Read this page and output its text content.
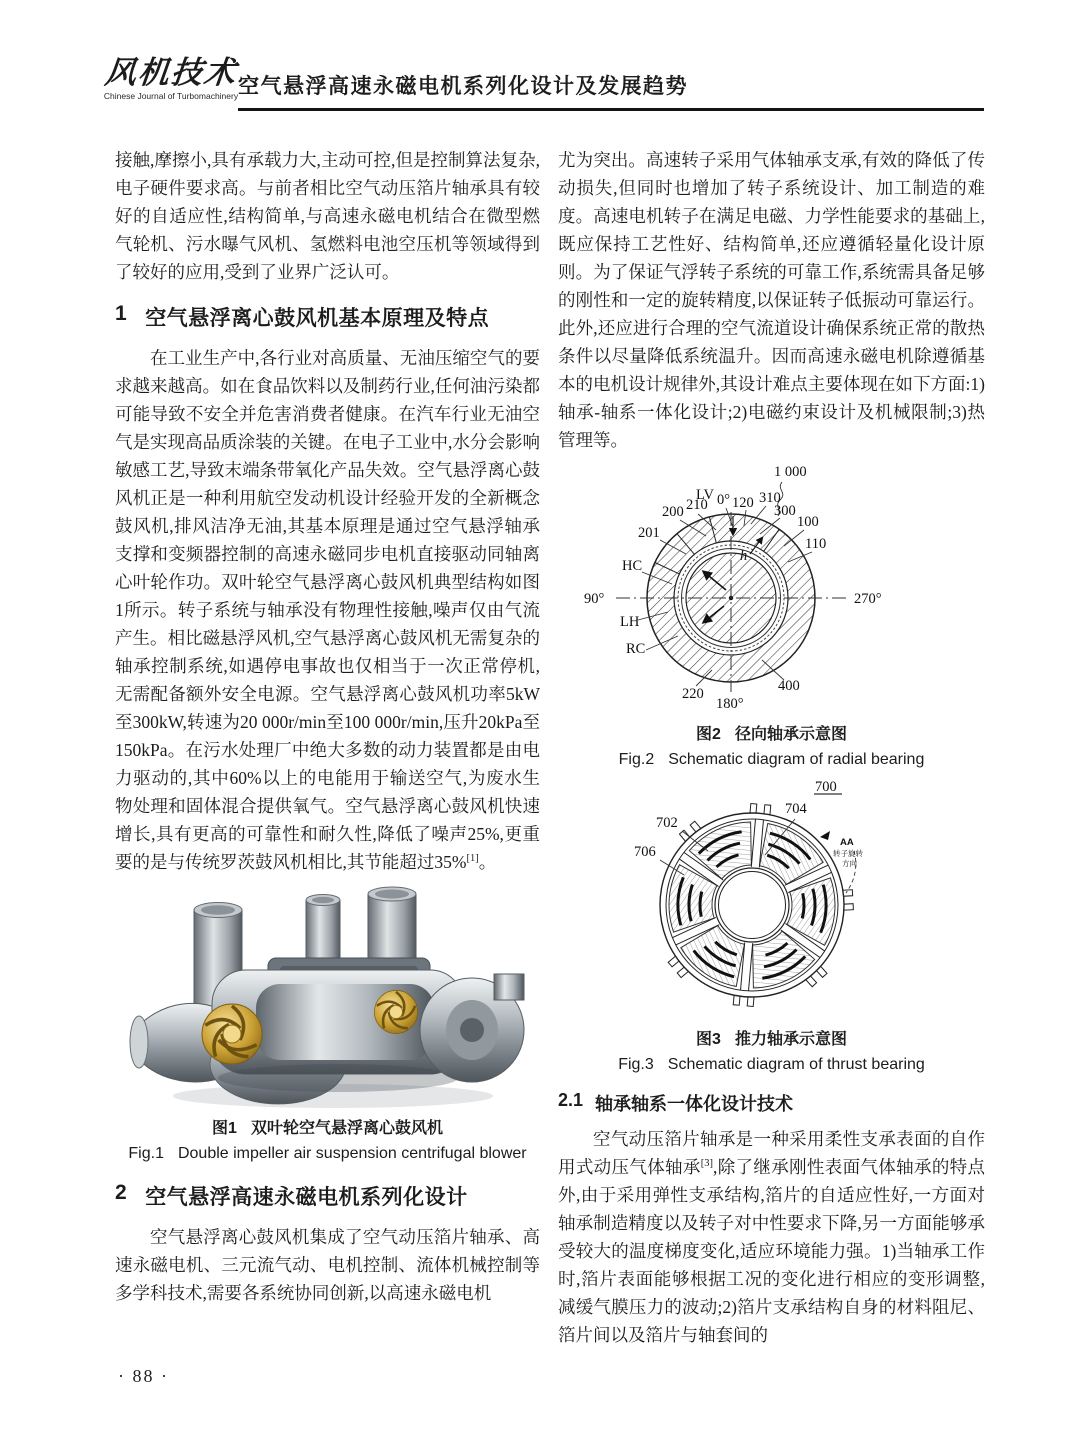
风机技术
Chinese Journal of Turbomachinery 空气悬浮高速永磁电机系列化设计及发展趋势

接触,摩擦小,具有承载力大,主动可控,但是控制算法复杂,电子硬件要求高。与前者相比空气动压箔片轴承具有较好的自适应性,结构简单,与高速永磁电机结合在微型燃气轮机、污水曝气风机、氢燃料电池空压机等领域得到了较好的应用,受到了业界广泛认可。

1 空气悬浮离心鼓风机基本原理及特点

在工业生产中,各行业对高质量、无油压缩空气的要求越来越高。如在食品饮料以及制药行业,任何油污染都可能导致不安全并危害消费者健康。在汽车行业无油空气是实现高品质涂装的关键。在电子工业中,水分会影响敏感工艺,导致末端条带氧化产品失效。空气悬浮离心鼓风机正是一种利用航空发动机设计经验开发的全新概念鼓风机,排风洁净无油,其基本原理是通过空气悬浮轴承支撑和变频器控制的高速永磁同步电机直接驱动同轴离心叶轮作功。双叶轮空气悬浮离心鼓风机典型结构如图1所示。转子系统与轴承没有物理性接触,噪声仅由气流产生。相比磁悬浮风机,空气悬浮离心鼓风机无需复杂的轴承控制系统,如遇停电事故也仅相当于一次正常停机,无需配备额外安全电源。空气悬浮离心鼓风机功率5kW至300kW,转速为20 000r/min至100 000r/min,压升20kPa至150kPa。在污水处理厂中绝大多数的动力装置都是由电力驱动的,其中60%以上的电能用于输送空气,为废水生物处理和固体混合提供氧气。空气悬浮离心鼓风机快速增长,具有更高的可靠性和耐久性,降低了噪声25%,更重要的是与传统罗茨鼓风机相比,其节能超过35%[1]。

图1 双叶轮空气悬浮离心鼓风机
Fig.1 Double impeller air suspension centrifugal blower
2 空气悬浮高速永磁电机系列化设计

空气悬浮离心鼓风机集成了空气动压箔片轴承、高速永磁电机、三元流气动、电机控制、流体机械控制等多学科技术,需要各系统协同创新,以高速永磁电机

· 88 ·

尤为突出。高速转子采用气体轴承支承,有效的降低了传动损失,但同时也增加了转子系统设计、加工制造的难度。高速电机转子在满足电磁、力学性能要求的基础上,既应保持工艺性好、结构简单,还应遵循轻量化设计原则。为了保证气浮转子系统的可靠工作,系统需具备足够的刚性和一定的旋转精度,以保证转子低振动可靠运行。此外,还应进行合理的空气流道设计确保系统正常的散热条件以尽量降低系统温升。因而高速永磁电机除遵循基本的电机设计规律外,其设计难点主要体现在如下方面:1)轴承-轴系一体化设计;2)电磁约束设计及机械限制;3)热管理等。

1 000
LV 0° 120 310
300
200 210
201
100
110
HC
90°	270°
LH
RC
400
220
180°
h
图2 径向轴承示意图
Fig.2 Schematic diagram of radial bearing
700
704
702
706
AA
转子旋转
方向
图3 推力轴承示意图
Fig.3 Schematic diagram of thrust bearing
2.1 轴承轴系一体化设计技术

空气动压箔片轴承是一种采用柔性支承表面的自作用式动压气体轴承[3],除了继承刚性表面气体轴承的特点外,由于采用弹性支承结构,箔片的自适应性好,一方面对轴承制造精度以及转子对中性要求下降,另一方面能够承受较大的温度梯度变化,适应环境能力强。1)当轴承工作时,箔片表面能够根据工况的变化进行相应的变形调整,减缓气膜压力的波动;2)箔片支承结构自身的材料阻尼、箔片间以及箔片与轴套间的
